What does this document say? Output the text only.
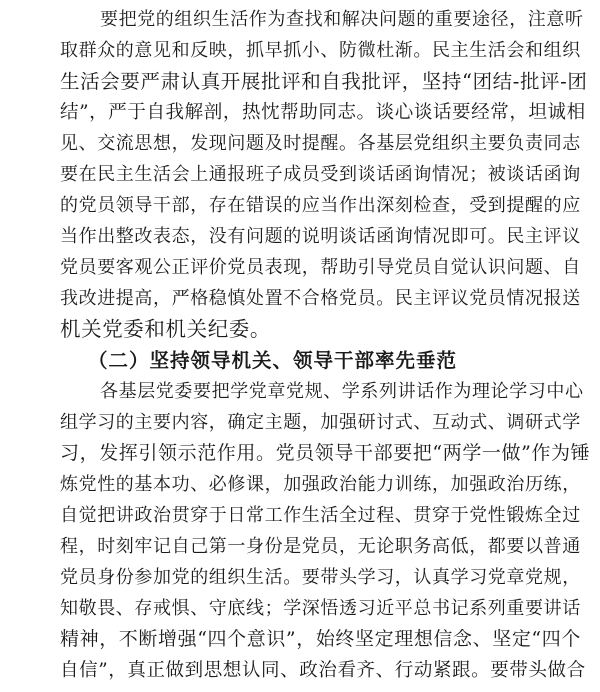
要把党的组织生活作为查找和解决问题的重要途径，注意听
取群众的意见和反映，抓早抓小、防微杜渐。民主生活会和组织
生活会要严肃认真开展批评和自我批评，坚持“团结-批评-团
结”，严于自我解剖，热忱帮助同志。谈心谈话要经常，坦诚相
见、交流思想，发现问题及时提醒。各基层党组织主要负责同志
要在民主生活会上通报班子成员受到谈话函询情况；被谈话函询
的党员领导干部，存在错误的应当作出深刻检查，受到提醒的应
当作出整改表态，没有问题的说明谈话函询情况即可。民主评议
党员要客观公正评价党员表现，帮助引导党员自觉认识问题、自
我改进提高，严格稳慎处置不合格党员。民主评议党员情况报送
机关党委和机关纪委。
（二）坚持领导机关、领导干部率先垂范
各基层党委要把学党章党规、学系列讲话作为理论学习中心
组学习的主要内容，确定主题，加强研讨式、互动式、调研式学
习，发挥引领示范作用。党员领导干部要把“两学一做”作为锤
炼党性的基本功、必修课，加强政治能力训练，加强政治历练，
自觉把讲政治贯穿于日常工作生活全过程、贯穿于党性锻炼全过
程，时刻牢记自己第一身份是党员，无论职务高低，都要以普通
党员身份参加党的组织生活。要带头学习，认真学习党章党规，
知敬畏、存戒惧、守底线；学深悟透习近平总书记系列重要讲话
精神，不断增强“四个意识”，始终坚定理想信念、坚定“四个
自信”，真正做到思想认同、政治看齐、行动紧跟。要带头做合
